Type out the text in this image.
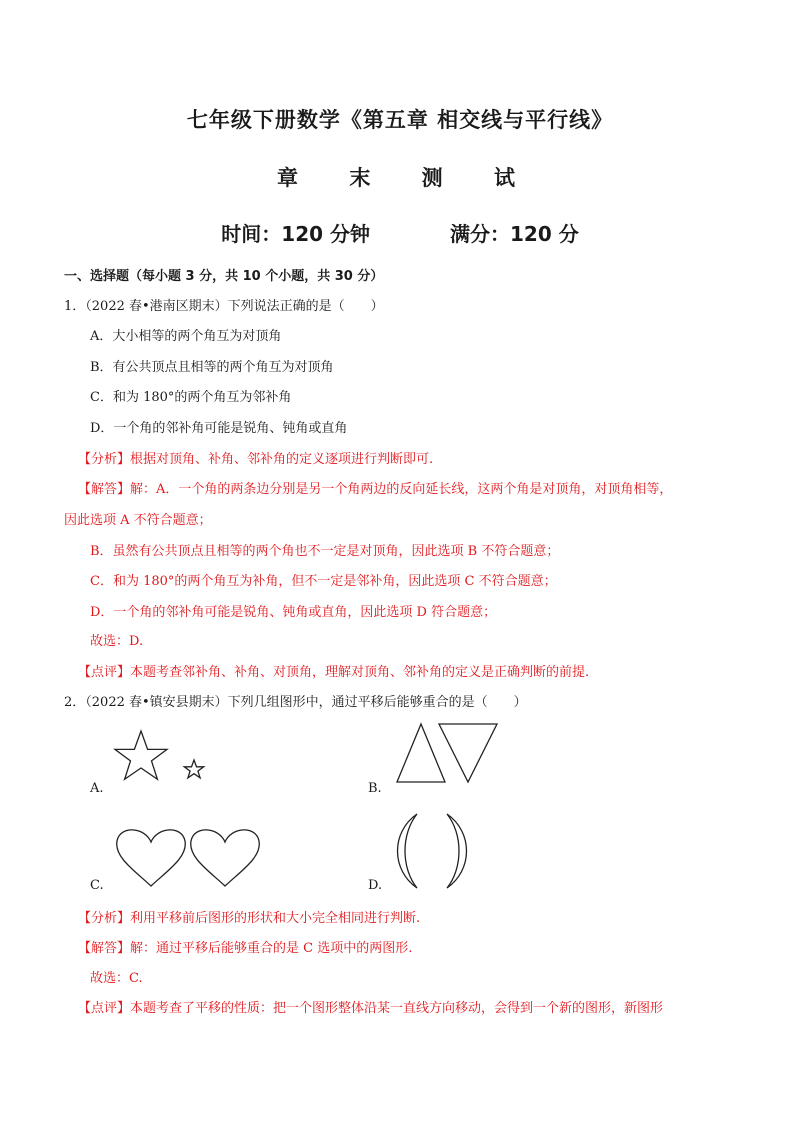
七年级下册数学《第五章 相交线与平行线》
章 末 测 试
时间：120 分钟	满分：120 分
一、选择题（每小题 3 分，共 10 个小题，共 30 分）
1．（2022 春•港南区期末）下列说法正确的是（　　）
A．大小相等的两个角互为对顶角
B．有公共顶点且相等的两个角互为对顶角
C．和为 180°的两个角互为邻补角
D．一个角的邻补角可能是锐角、钝角或直角
【分析】根据对顶角、补角、邻补角的定义逐项进行判断即可.
【解答】解：A．一个角的两条边分别是另一个角两边的反向延长线，这两个角是对顶角，对顶角相等，
因此选项 A 不符合题意；
B．虽然有公共顶点且相等的两个角也不一定是对顶角，因此选项 B 不符合题意；
C．和为 180°的两个角互为补角，但不一定是邻补角，因此选项 C 不符合题意；
D．一个角的邻补角可能是锐角、钝角或直角，因此选项 D 符合题意；
故选：D.
【点评】本题考查邻补角、补角、对顶角，理解对顶角、邻补角的定义是正确判断的前提.
2．（2022 春•镇安县期末）下列几组图形中，通过平移后能够重合的是（　　）
A.	B.
C.	D.
【分析】利用平移前后图形的形状和大小完全相同进行判断.
【解答】解：通过平移后能够重合的是 C 选项中的两图形.
故选：C.
【点评】本题考查了平移的性质：把一个图形整体沿某一直线方向移动，会得到一个新的图形，新图形
